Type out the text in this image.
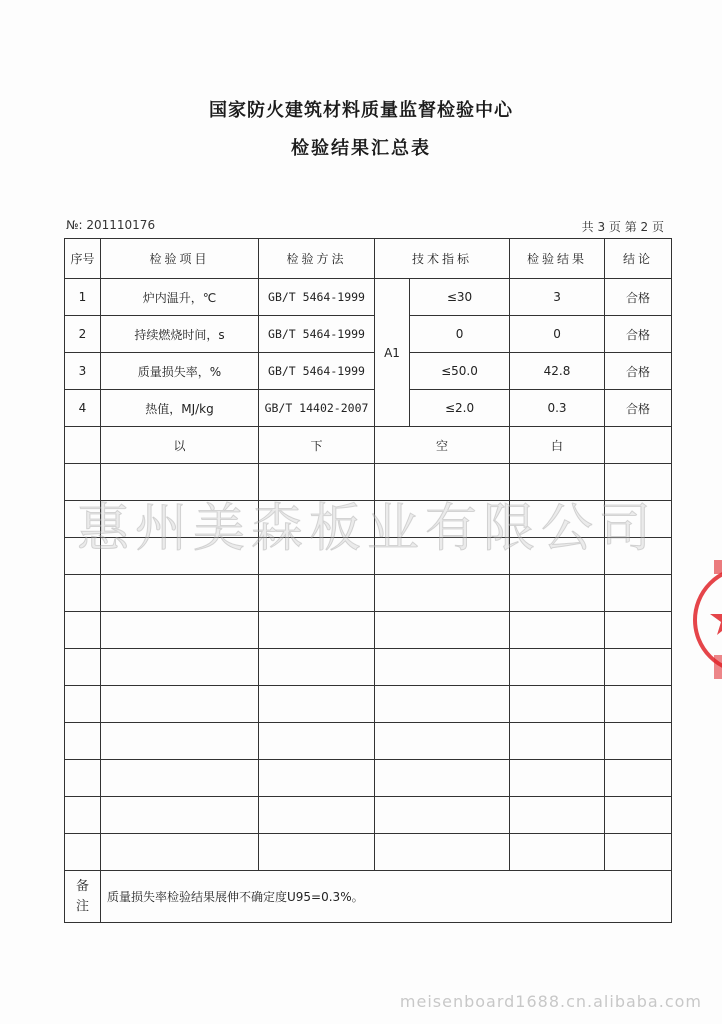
国家防火建筑材料质量监督检验中心
检验结果汇总表
№: 201110176	共 3 页 第 2 页
序号	检验项目	检验方法	技术指标		检验结果	结论
1	炉内温升，℃	GB/T 5464-1999	A1	≤30	3	合格
2	持续燃烧时间，s	GB/T 5464-1999		0	0	合格
3	质量损失率，%	GB/T 5464-1999		≤50.0	42.8	合格
4	热值，MJ/kg	GB/T 14402-2007		≤2.0	0.3	合格
	以	下	空		白	

备
注	质量损失率检验结果展伸不确定度U95=0.3%。					
惠州美森板业有限公司
meisenboard1688.cn.alibaba.com
